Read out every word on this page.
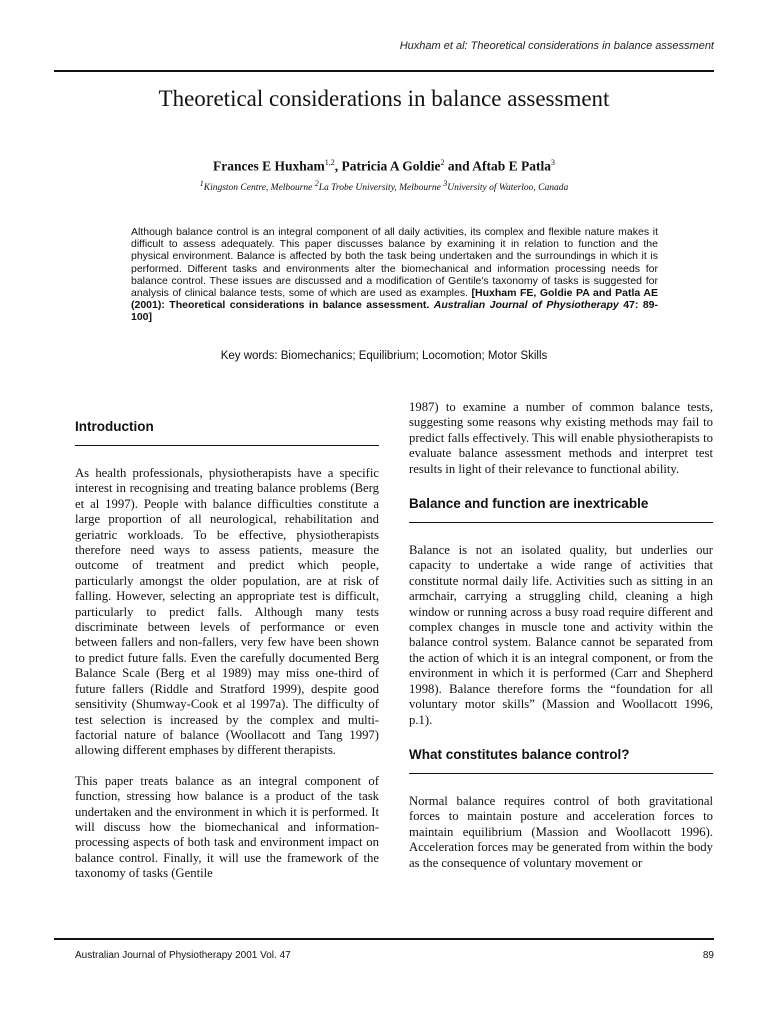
Huxham et al: Theoretical considerations in balance assessment
Theoretical considerations in balance assessment
Frances E Huxham$^{1,2}$, Patricia A Goldie$^2$ and Aftab E Patla$^3$
$^1$Kingston Centre, Melbourne $^2$La Trobe University, Melbourne $^3$University of Waterloo, Canada
Although balance control is an integral component of all daily activities, its complex and flexible nature makes it difficult to assess adequately. This paper discusses balance by examining it in relation to function and the physical environment. Balance is affected by both the task being undertaken and the surroundings in which it is performed. Different tasks and environments alter the biomechanical and information processing needs for balance control. These issues are discussed and a modification of Gentile's taxonomy of tasks is suggested for analysis of clinical balance tests, some of which are used as examples. [Huxham FE, Goldie PA and Patla AE (2001): Theoretical considerations in balance assessment. Australian Journal of Physiotherapy 47: 89-100]
Key words: Biomechanics; Equilibrium; Locomotion; Motor Skills
Introduction

As health professionals, physiotherapists have a specific interest in recognising and treating balance problems (Berg et al 1997). People with balance difficulties constitute a large proportion of all neurological, rehabilitation and geriatric workloads. To be effective, physiotherapists therefore need ways to assess patients, measure the outcome of treatment and predict which people, particularly amongst the older population, are at risk of falling. However, selecting an appropriate test is difficult, particularly to predict falls. Although many tests discriminate between levels of performance or even between fallers and non-fallers, very few have been shown to predict future falls. Even the carefully documented Berg Balance Scale (Berg et al 1989) may miss one-third of future fallers (Riddle and Stratford 1999), despite good sensitivity (Shumway-Cook et al 1997a). The difficulty of test selection is increased by the complex and multi-factorial nature of balance (Woollacott and Tang 1997) allowing different emphases by different therapists.

This paper treats balance as an integral component of function, stressing how balance is a product of the task undertaken and the environment in which it is performed. It will discuss how the biomechanical and information-processing aspects of both task and environment impact on balance control. Finally, it will use the framework of the taxonomy of tasks (Gentile

1987) to examine a number of common balance tests, suggesting some reasons why existing methods may fail to predict falls effectively. This will enable physiotherapists to evaluate balance assessment methods and interpret test results in light of their relevance to functional ability.

Balance and function are inextricable

Balance is not an isolated quality, but underlies our capacity to undertake a wide range of activities that constitute normal daily life. Activities such as sitting in an armchair, carrying a struggling child, cleaning a high window or running across a busy road require different and complex changes in muscle tone and activity within the balance control system. Balance cannot be separated from the action of which it is an integral component, or from the environment in which it is performed (Carr and Shepherd 1998). Balance therefore forms the “foundation for all voluntary motor skills” (Massion and Woollacott 1996, p.1).

What constitutes balance control?

Normal balance requires control of both gravitational forces to maintain posture and acceleration forces to maintain equilibrium (Massion and Woollacott 1996). Acceleration forces may be generated from within the body as the consequence of voluntary movement or

Australian Journal of Physiotherapy 2001 Vol. 47	89
